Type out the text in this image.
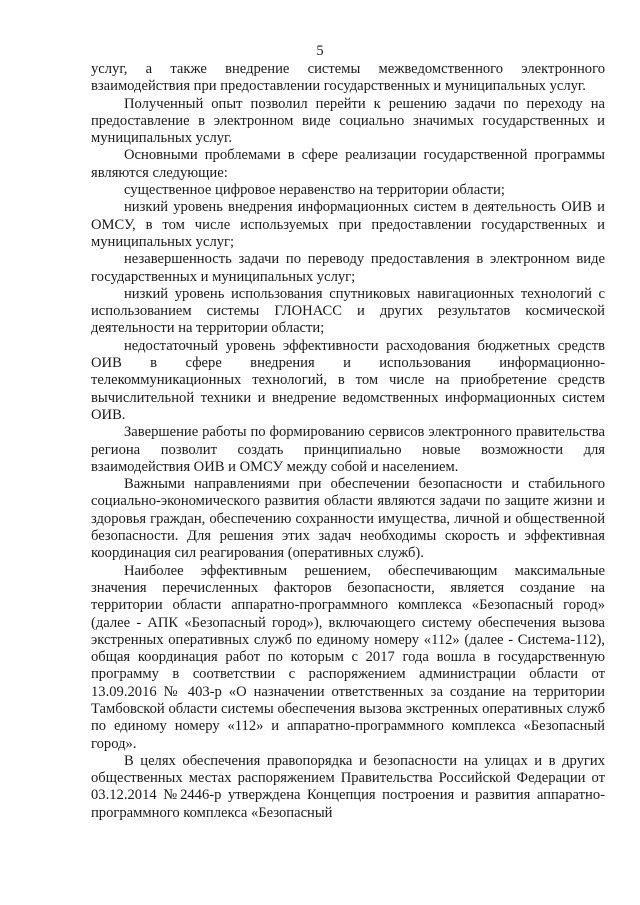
5

услуг, а также внедрение системы межведомственного электронного взаимодействия при предоставлении государственных и муниципальных услуг.

Полученный опыт позволил перейти к решению задачи по переходу на предоставление в электронном виде социально значимых государственных и муниципальных услуг.

Основными проблемами в сфере реализации государственной программы являются следующие:

существенное цифровое неравенство на территории области;

низкий уровень внедрения информационных систем в деятельность ОИВ и ОМСУ, в том числе используемых при предоставлении государственных и муниципальных услуг;

незавершенность задачи по переводу предоставления в электронном виде государственных и муниципальных услуг;

низкий уровень использования спутниковых навигационных технологий с использованием системы ГЛОНАСС и других результатов космической деятельности на территории области;

недостаточный уровень эффективности расходования бюджетных средств ОИВ в сфере внедрения и использования информационно-телекоммуникационных технологий, в том числе на приобретение средств вычислительной техники и внедрение ведомственных информационных систем ОИВ.

Завершение работы по формированию сервисов электронного правительства региона позволит создать принципиально новые возможности для взаимодействия ОИВ и ОМСУ между собой и населением.

Важными направлениями при обеспечении безопасности и стабильного социально-экономического развития области являются задачи по защите жизни и здоровья граждан, обеспечению сохранности имущества, личной и общественной безопасности. Для решения этих задач необходимы скорость и эффективная координация сил реагирования (оперативных служб).

Наиболее эффективным решением, обеспечивающим максимальные значения перечисленных факторов безопасности, является создание на территории области аппаратно-программного комплекса «Безопасный город» (далее - АПК «Безопасный город»), включающего систему обеспечения вызова экстренных оперативных служб по единому номеру «112» (далее - Система-112), общая координация работ по которым с 2017 года вошла в государственную программу в соответствии с распоряжением администрации области от 13.09.2016 № 403-р «О назначении ответственных за создание на территории Тамбовской области системы обеспечения вызова экстренных оперативных служб по единому номеру «112» и аппаратно-программного комплекса «Безопасный город».

В целях обеспечения правопорядка и безопасности на улицах и в других общественных местах распоряжением Правительства Российской Федерации от 03.12.2014 №2446-р утверждена Концепция построения и развития аппаратно-программного комплекса «Безопасный
